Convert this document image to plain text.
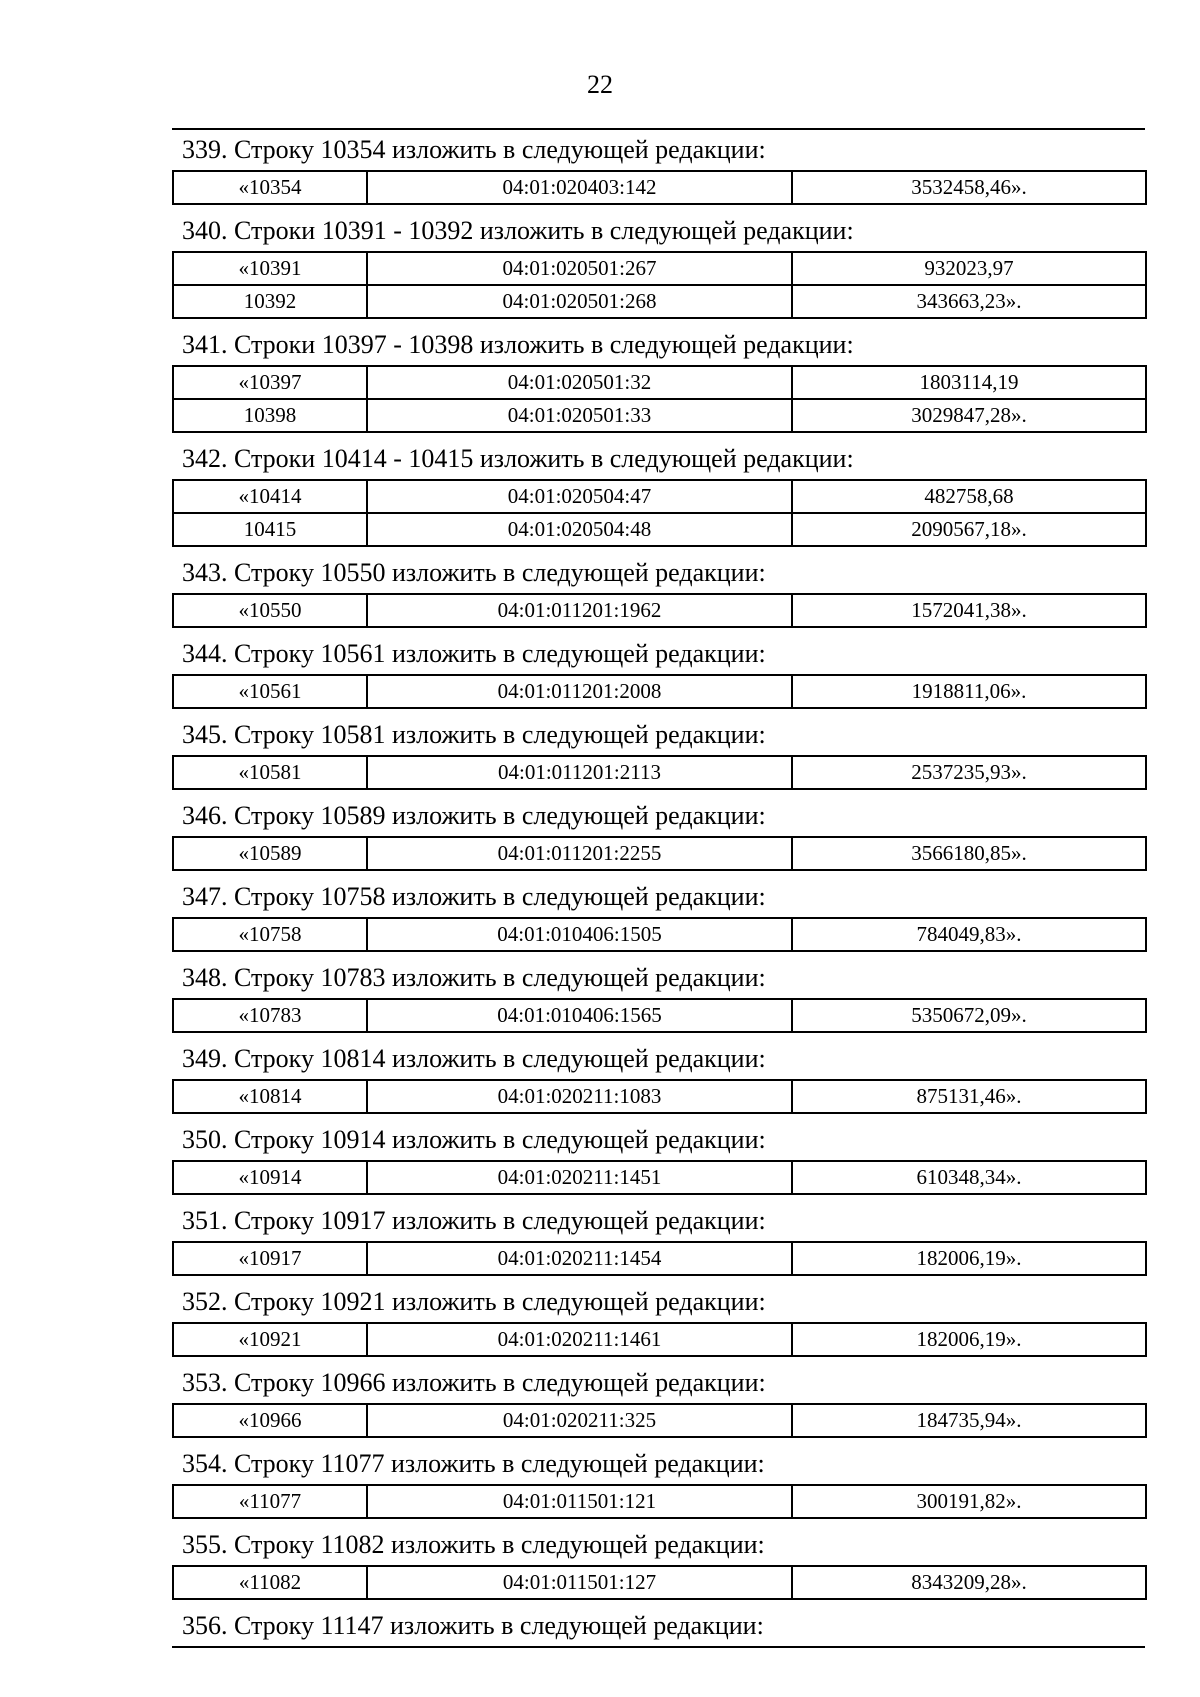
22
339. Строку 10354 изложить в следующей редакции:
«10354	04:01:020403:142	3532458,46».
340. Строки 10391 - 10392 изложить в следующей редакции:
«10391	04:01:020501:267	932023,97
10392	04:01:020501:268	343663,23».
341. Строки 10397 - 10398 изложить в следующей редакции:
«10397	04:01:020501:32	1803114,19
10398	04:01:020501:33	3029847,28».
342. Строки 10414 - 10415 изложить в следующей редакции:
«10414	04:01:020504:47	482758,68
10415	04:01:020504:48	2090567,18».
343. Строку 10550 изложить в следующей редакции:
«10550	04:01:011201:1962	1572041,38».
344. Строку 10561 изложить в следующей редакции:
«10561	04:01:011201:2008	1918811,06».
345. Строку 10581 изложить в следующей редакции:
«10581	04:01:011201:2113	2537235,93».
346. Строку 10589 изложить в следующей редакции:
«10589	04:01:011201:2255	3566180,85».
347. Строку 10758 изложить в следующей редакции:
«10758	04:01:010406:1505	784049,83».
348. Строку 10783 изложить в следующей редакции:
«10783	04:01:010406:1565	5350672,09».
349. Строку 10814 изложить в следующей редакции:
«10814	04:01:020211:1083	875131,46».
350. Строку 10914 изложить в следующей редакции:
«10914	04:01:020211:1451	610348,34».
351. Строку 10917 изложить в следующей редакции:
«10917	04:01:020211:1454	182006,19».
352. Строку 10921 изложить в следующей редакции:
«10921	04:01:020211:1461	182006,19».
353. Строку 10966 изложить в следующей редакции:
«10966	04:01:020211:325	184735,94».
354. Строку 11077 изложить в следующей редакции:
«11077	04:01:011501:121	300191,82».
355. Строку 11082 изложить в следующей редакции:
«11082	04:01:011501:127	8343209,28».
356. Строку 11147 изложить в следующей редакции:
